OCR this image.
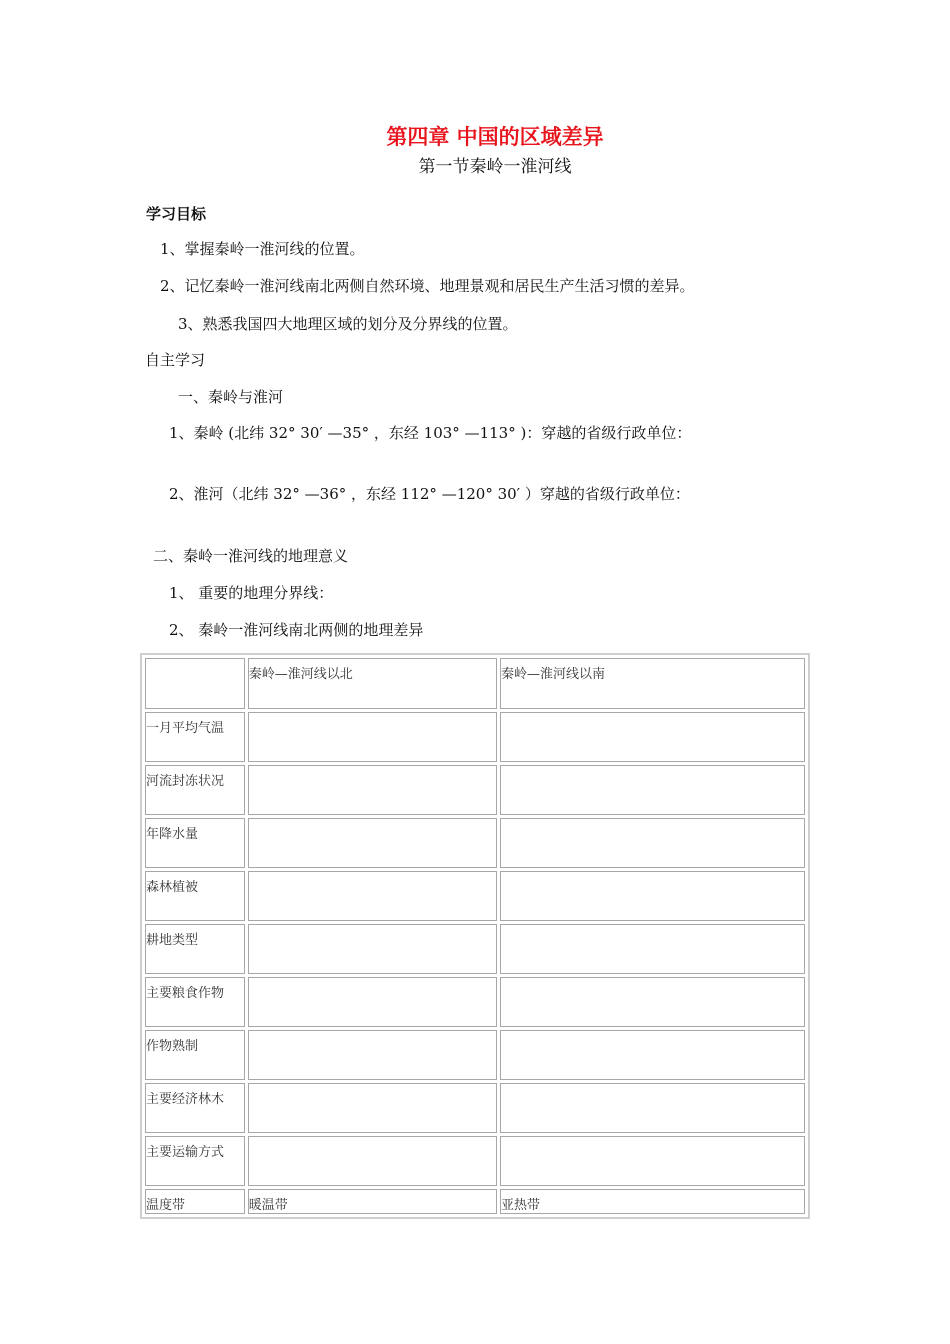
第四章 中国的区域差异
第一节秦岭一淮河线
学习目标
1、掌握秦岭一淮河线的位置。
2、记忆秦岭一淮河线南北两侧自然环境、地理景观和居民生产生活习惯的差异。
3、熟悉我国四大地理区域的划分及分界线的位置。
自主学习
一、秦岭与淮河
1、秦岭 (北纬 32° 30′ —35° ，东经 103° —113° )：穿越的省级行政单位：
2、淮河（北纬 32° —36° ，东经 112° —120° 30′ ）穿越的省级行政单位：
二、秦岭一淮河线的地理意义
1、 重要的地理分界线：
2、 秦岭一淮河线南北两侧的地理差异
	秦岭—淮河线以北	秦岭—淮河线以南
一月平均气温		
河流封冻状况		
年降水量		
森林植被		
耕地类型		
主要粮食作物		
作物熟制		
主要经济林木		
主要运输方式		
温度带	暖温带	亚热带
